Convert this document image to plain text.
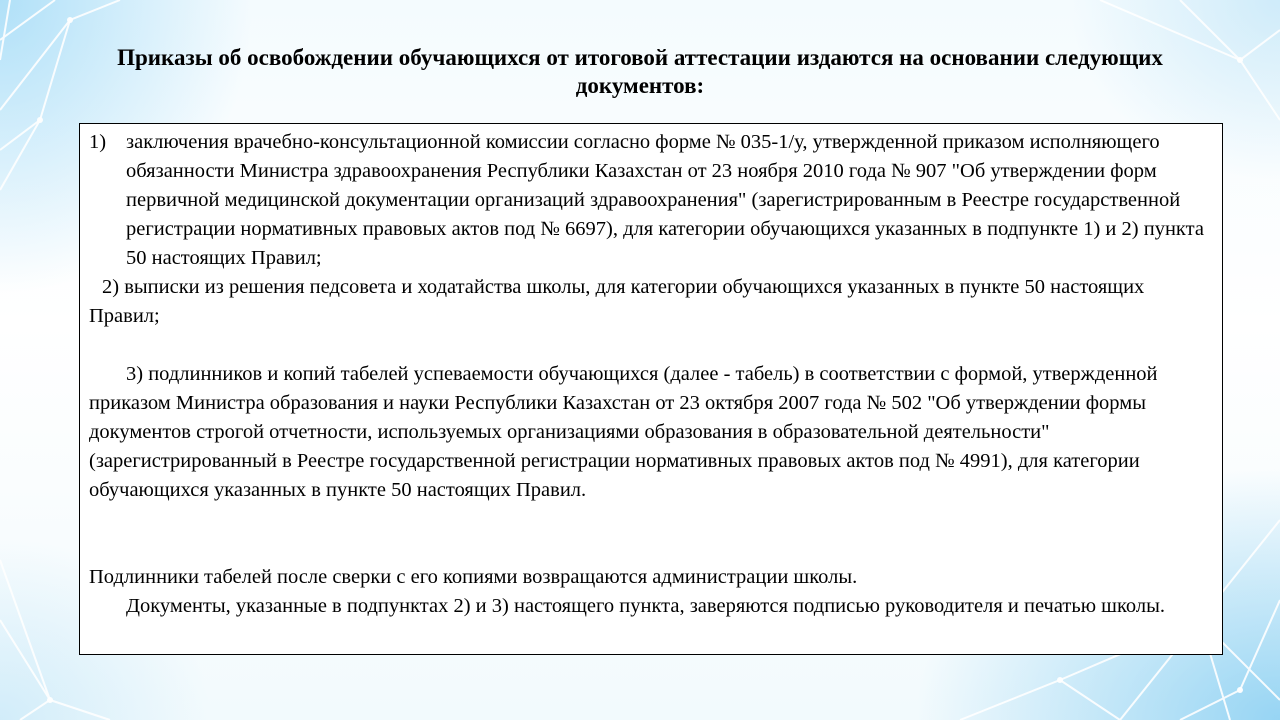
Приказы об освобождении обучающихся от итоговой аттестации издаются на основании следующих документов:
1) заключения врачебно-консультационной комиссии согласно форме № 035-1/у, утвержденной приказом исполняющего обязанности Министра здравоохранения Республики Казахстан от 23 ноября 2010 года № 907 "Об утверждении форм первичной медицинской документации организаций здравоохранения" (зарегистрированным в Реестре государственной регистрации нормативных правовых актов под № 6697), для категории обучающихся указанных в подпункте 1) и 2) пункта 50 настоящих Правил;

2) выписки из решения педсовета и ходатайства школы, для категории обучающихся указанных в пункте 50 настоящих Правил;

3) подлинников и копий табелей успеваемости обучающихся (далее - табель) в соответствии с формой, утвержденной приказом Министра образования и науки Республики Казахстан от 23 октября 2007 года № 502 "Об утверждении формы документов строгой отчетности, используемых организациями образования в образовательной деятельности" (зарегистрированный в Реестре государственной регистрации нормативных правовых актов под № 4991), для категории обучающихся указанных в пункте 50 настоящих Правил.

Подлинники табелей после сверки с его копиями возвращаются администрации школы.

Документы, указанные в подпунктах 2) и 3) настоящего пункта, заверяются подписью руководителя и печатью школы.
